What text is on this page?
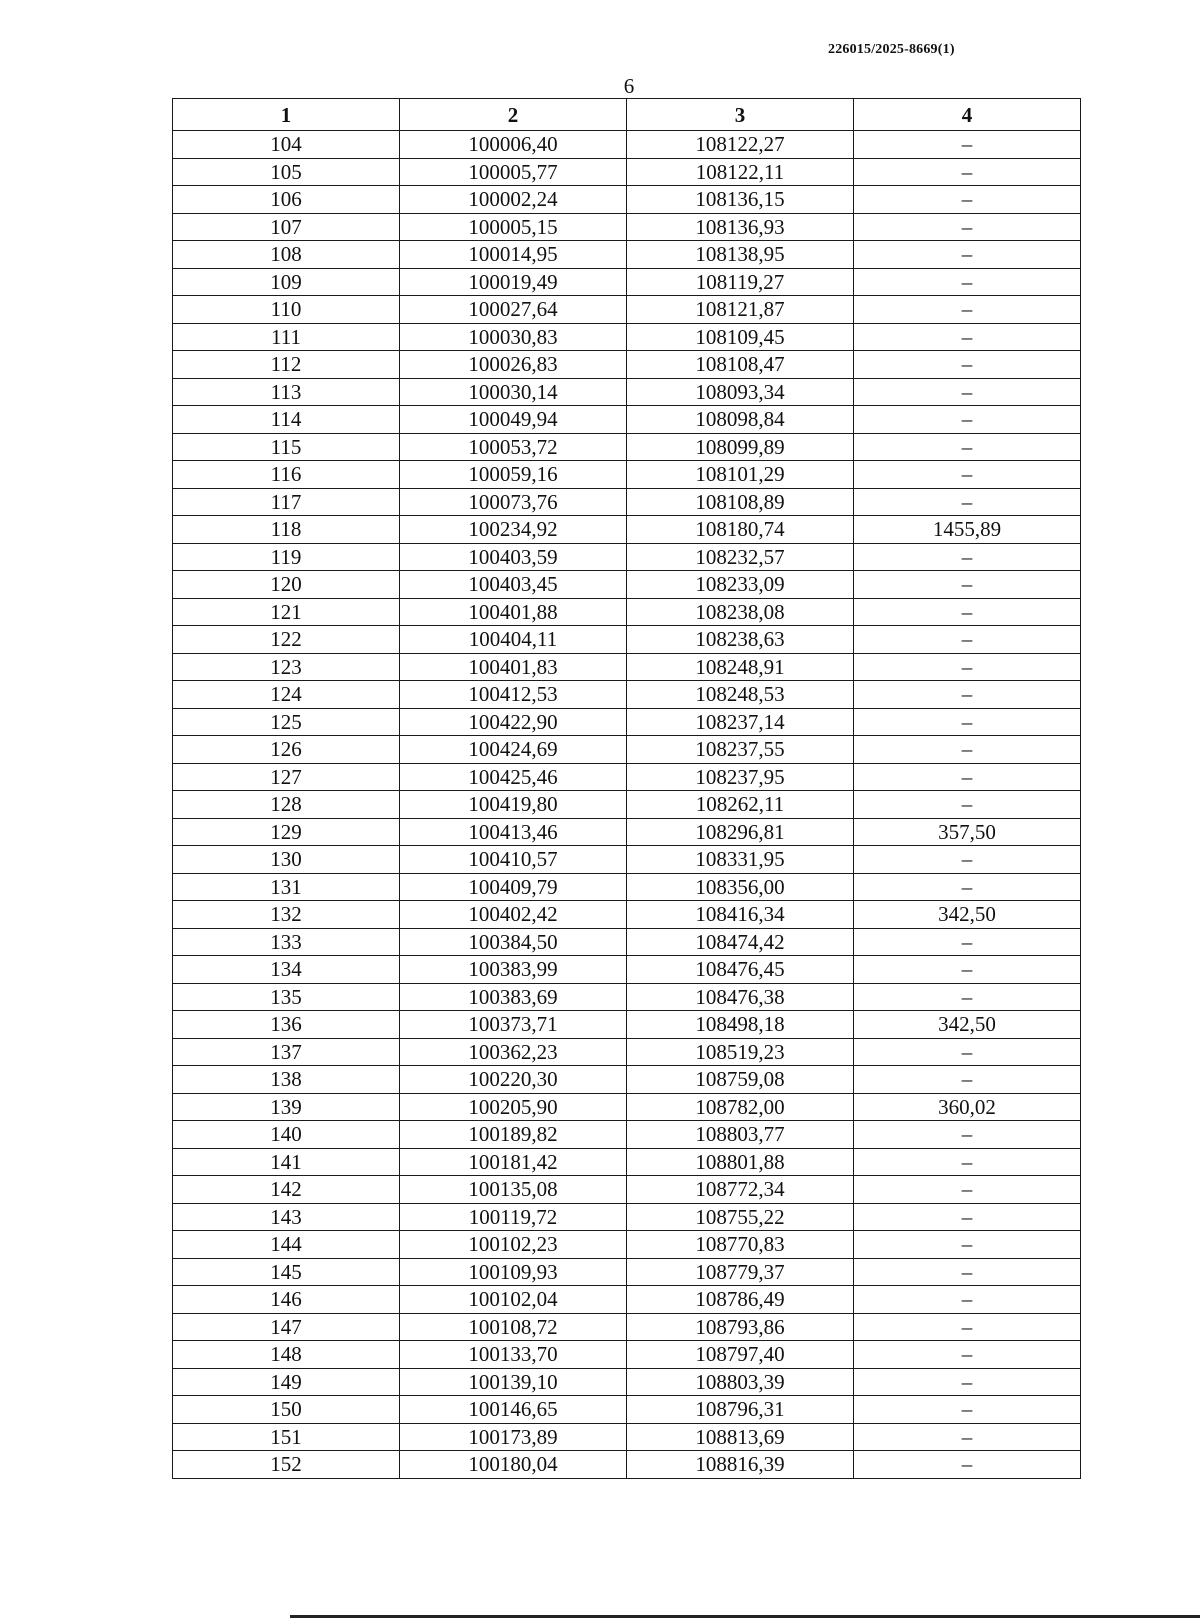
226015/2025-8669(1)
6
1	2	3	4
104	100006,40	108122,27	–
105	100005,77	108122,11	–
106	100002,24	108136,15	–
107	100005,15	108136,93	–
108	100014,95	108138,95	–
109	100019,49	108119,27	–
110	100027,64	108121,87	–
111	100030,83	108109,45	–
112	100026,83	108108,47	–
113	100030,14	108093,34	–
114	100049,94	108098,84	–
115	100053,72	108099,89	–
116	100059,16	108101,29	–
117	100073,76	108108,89	–
118	100234,92	108180,74	1455,89
119	100403,59	108232,57	–
120	100403,45	108233,09	–
121	100401,88	108238,08	–
122	100404,11	108238,63	–
123	100401,83	108248,91	–
124	100412,53	108248,53	–
125	100422,90	108237,14	–
126	100424,69	108237,55	–
127	100425,46	108237,95	–
128	100419,80	108262,11	–
129	100413,46	108296,81	357,50
130	100410,57	108331,95	–
131	100409,79	108356,00	–
132	100402,42	108416,34	342,50
133	100384,50	108474,42	–
134	100383,99	108476,45	–
135	100383,69	108476,38	–
136	100373,71	108498,18	342,50
137	100362,23	108519,23	–
138	100220,30	108759,08	–
139	100205,90	108782,00	360,02
140	100189,82	108803,77	–
141	100181,42	108801,88	–
142	100135,08	108772,34	–
143	100119,72	108755,22	–
144	100102,23	108770,83	–
145	100109,93	108779,37	–
146	100102,04	108786,49	–
147	100108,72	108793,86	–
148	100133,70	108797,40	–
149	100139,10	108803,39	–
150	100146,65	108796,31	–
151	100173,89	108813,69	–
152	100180,04	108816,39	–
